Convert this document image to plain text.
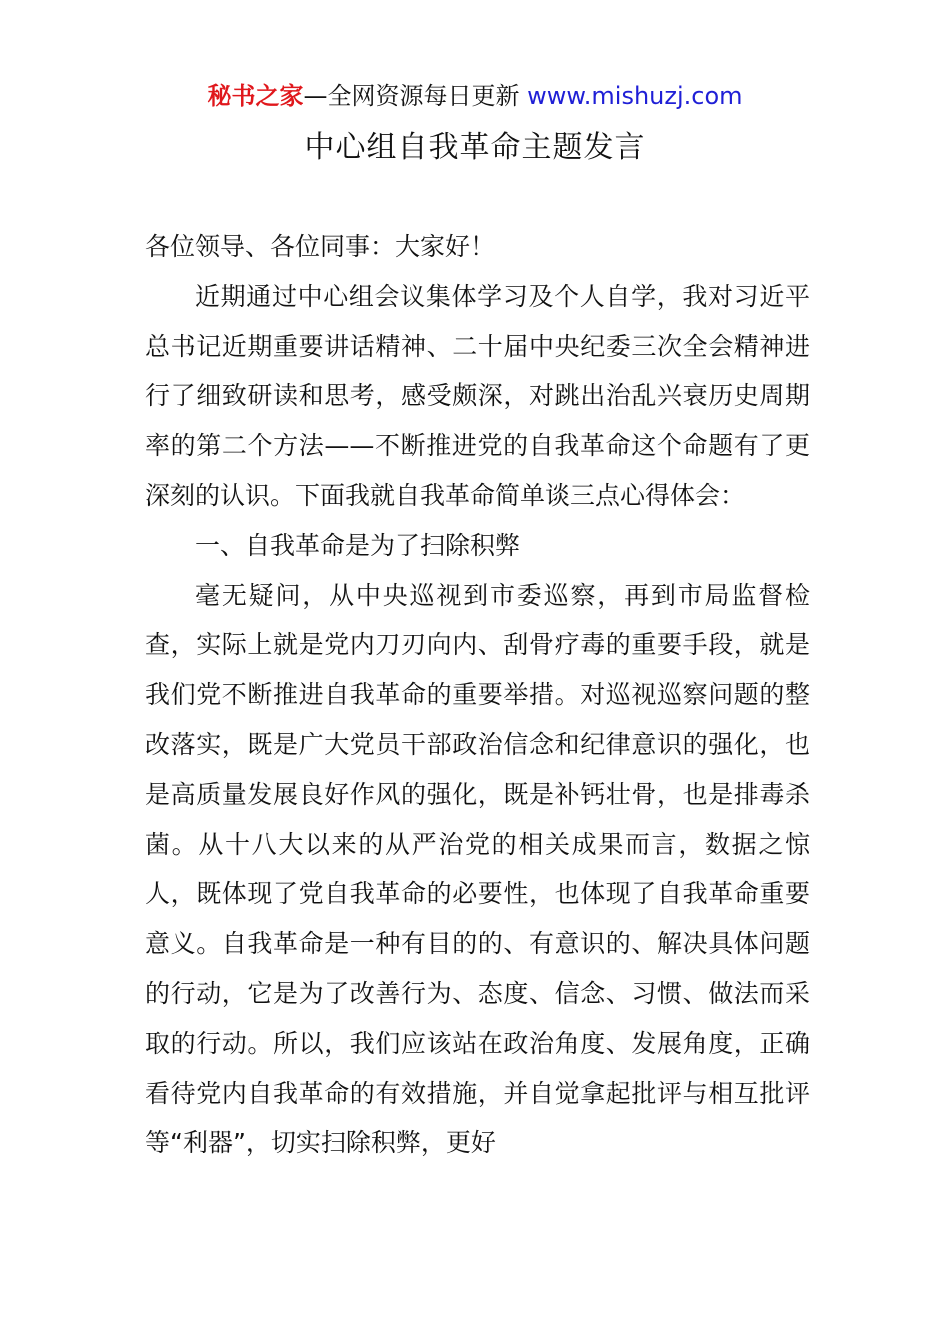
秘书之家—全网资源每日更新 www.mishuzj.com
中心组自我革命主题发言

各位领导、各位同事：大家好！

近期通过中心组会议集体学习及个人自学，我对习近平总书记近期重要讲话精神、二十届中央纪委三次全会精神进行了细致研读和思考，感受颇深，对跳出治乱兴衰历史周期率的第二个方法——不断推进党的自我革命这个命题有了更深刻的认识。下面我就自我革命简单谈三点心得体会：

一、自我革命是为了扫除积弊

毫无疑问，从中央巡视到市委巡察，再到市局监督检查，实际上就是党内刀刃向内、刮骨疗毒的重要手段，就是我们党不断推进自我革命的重要举措。对巡视巡察问题的整改落实，既是广大党员干部政治信念和纪律意识的强化，也是高质量发展良好作风的强化，既是补钙壮骨，也是排毒杀菌。从十八大以来的从严治党的相关成果而言，数据之惊人，既体现了党自我革命的必要性，也体现了自我革命重要意义。自我革命是一种有目的的、有意识的、解决具体问题的行动，它是为了改善行为、态度、信念、习惯、做法而采取的行动。所以，我们应该站在政治角度、发展角度，正确看待党内自我革命的有效措施，并自觉拿起批评与相互批评等“利器”，切实扫除积弊，更好
